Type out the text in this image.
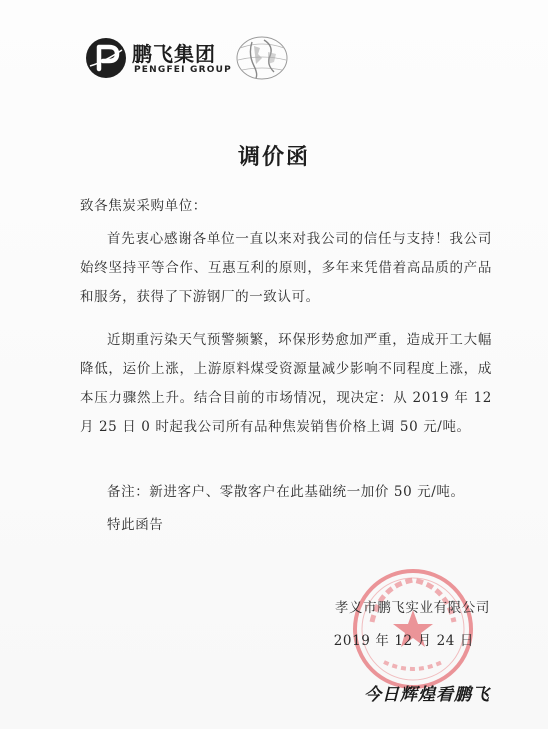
鹏飞集团
PENGFEI GROUP
调价函
致各焦炭采购单位：
首先衷心感谢各单位一直以来对我公司的信任与支持！我公司始终坚持平等合作、互惠互利的原则，多年来凭借着高品质的产品和服务，获得了下游钢厂的一致认可。
近期重污染天气预警频繁，环保形势愈加严重，造成开工大幅降低，运价上涨，上游原料煤受资源量减少影响不同程度上涨，成本压力骤然上升。结合目前的市场情况，现决定：从 2019 年 12 月 25 日 0 时起我公司所有品种焦炭销售价格上调 50 元/吨。
备注：新进客户、零散客户在此基础统一加价 50 元/吨。
特此函告
孝义市鹏飞实业有限公司
2019 年 12 月 24 日
今日辉煌看鹏飞
